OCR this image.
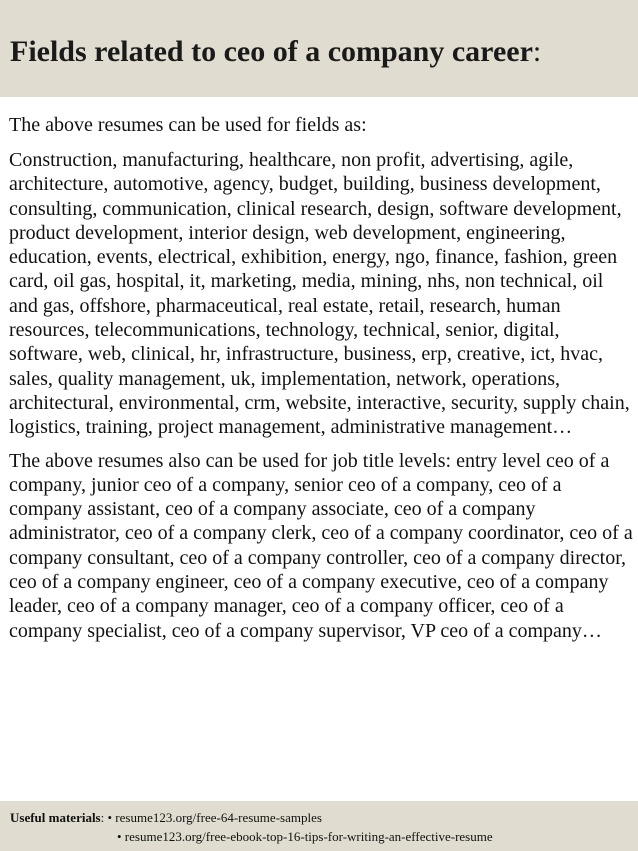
Fields related to ceo of a company career:

The above resumes can be used for fields as:

Construction, manufacturing, healthcare, non profit, advertising, agile, architecture, automotive, agency, budget, building, business development, consulting, communication, clinical research, design, software development, product development, interior design, web development, engineering, education, events, electrical, exhibition, energy, ngo, finance, fashion, green card, oil gas, hospital, it, marketing, media, mining, nhs, non technical, oil and gas, offshore, pharmaceutical, real estate, retail, research, human resources, telecommunications, technology, technical, senior, digital, software, web, clinical, hr, infrastructure, business, erp, creative, ict, hvac, sales, quality management, uk, implementation, network, operations, architectural, environmental, crm, website, interactive, security, supply chain, logistics, training, project management, administrative management…

The above resumes also can be used for job title levels: entry level ceo of a company, junior ceo of a company, senior ceo of a company, ceo of a company assistant, ceo of a company associate, ceo of a company administrator, ceo of a company clerk, ceo of a company coordinator, ceo of a company consultant, ceo of a company controller, ceo of a company director, ceo of a company engineer, ceo of a company executive, ceo of a company leader, ceo of a company manager, ceo of a company officer, ceo of a company specialist, ceo of a company supervisor, VP ceo of a company…

Useful materials: • resume123.org/free-64-resume-samples
• resume123.org/free-ebook-top-16-tips-for-writing-an-effective-resume
